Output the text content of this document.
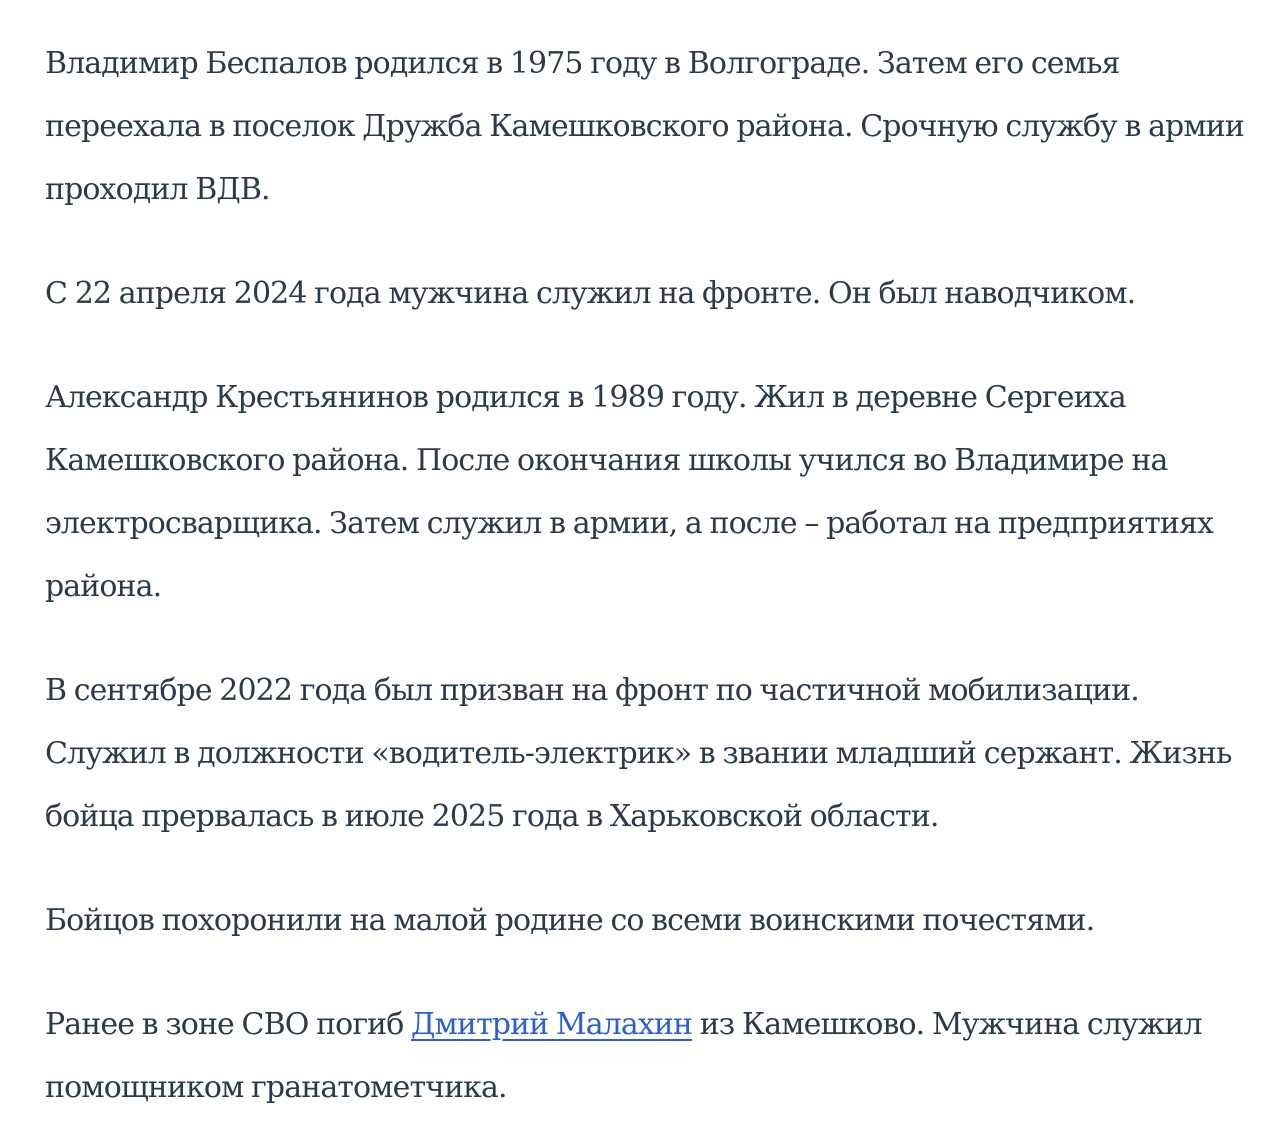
Владимир Беспалов родился в 1975 году в Волгограде. Затем его семья переехала в поселок Дружба Камешковского района. Срочную службу в армии проходил ВДВ.

С 22 апреля 2024 года мужчина служил на фронте. Он был наводчиком.

Александр Крестьянинов родился в 1989 году. Жил в деревне Сергеиха Камешковского района. После окончания школы учился во Владимире на электросварщика. Затем служил в армии, а после – работал на предприятиях района.

В сентябре 2022 года был призван на фронт по частичной мобилизации. Служил в должности «водитель-электрик» в звании младший сержант. Жизнь бойца прервалась в июле 2025 года в Харьковской области.

Бойцов похоронили на малой родине со всеми воинскими почестями.

Ранее в зоне СВО погиб Дмитрий Малахин из Камешково. Мужчина служил помощником гранатометчика.
